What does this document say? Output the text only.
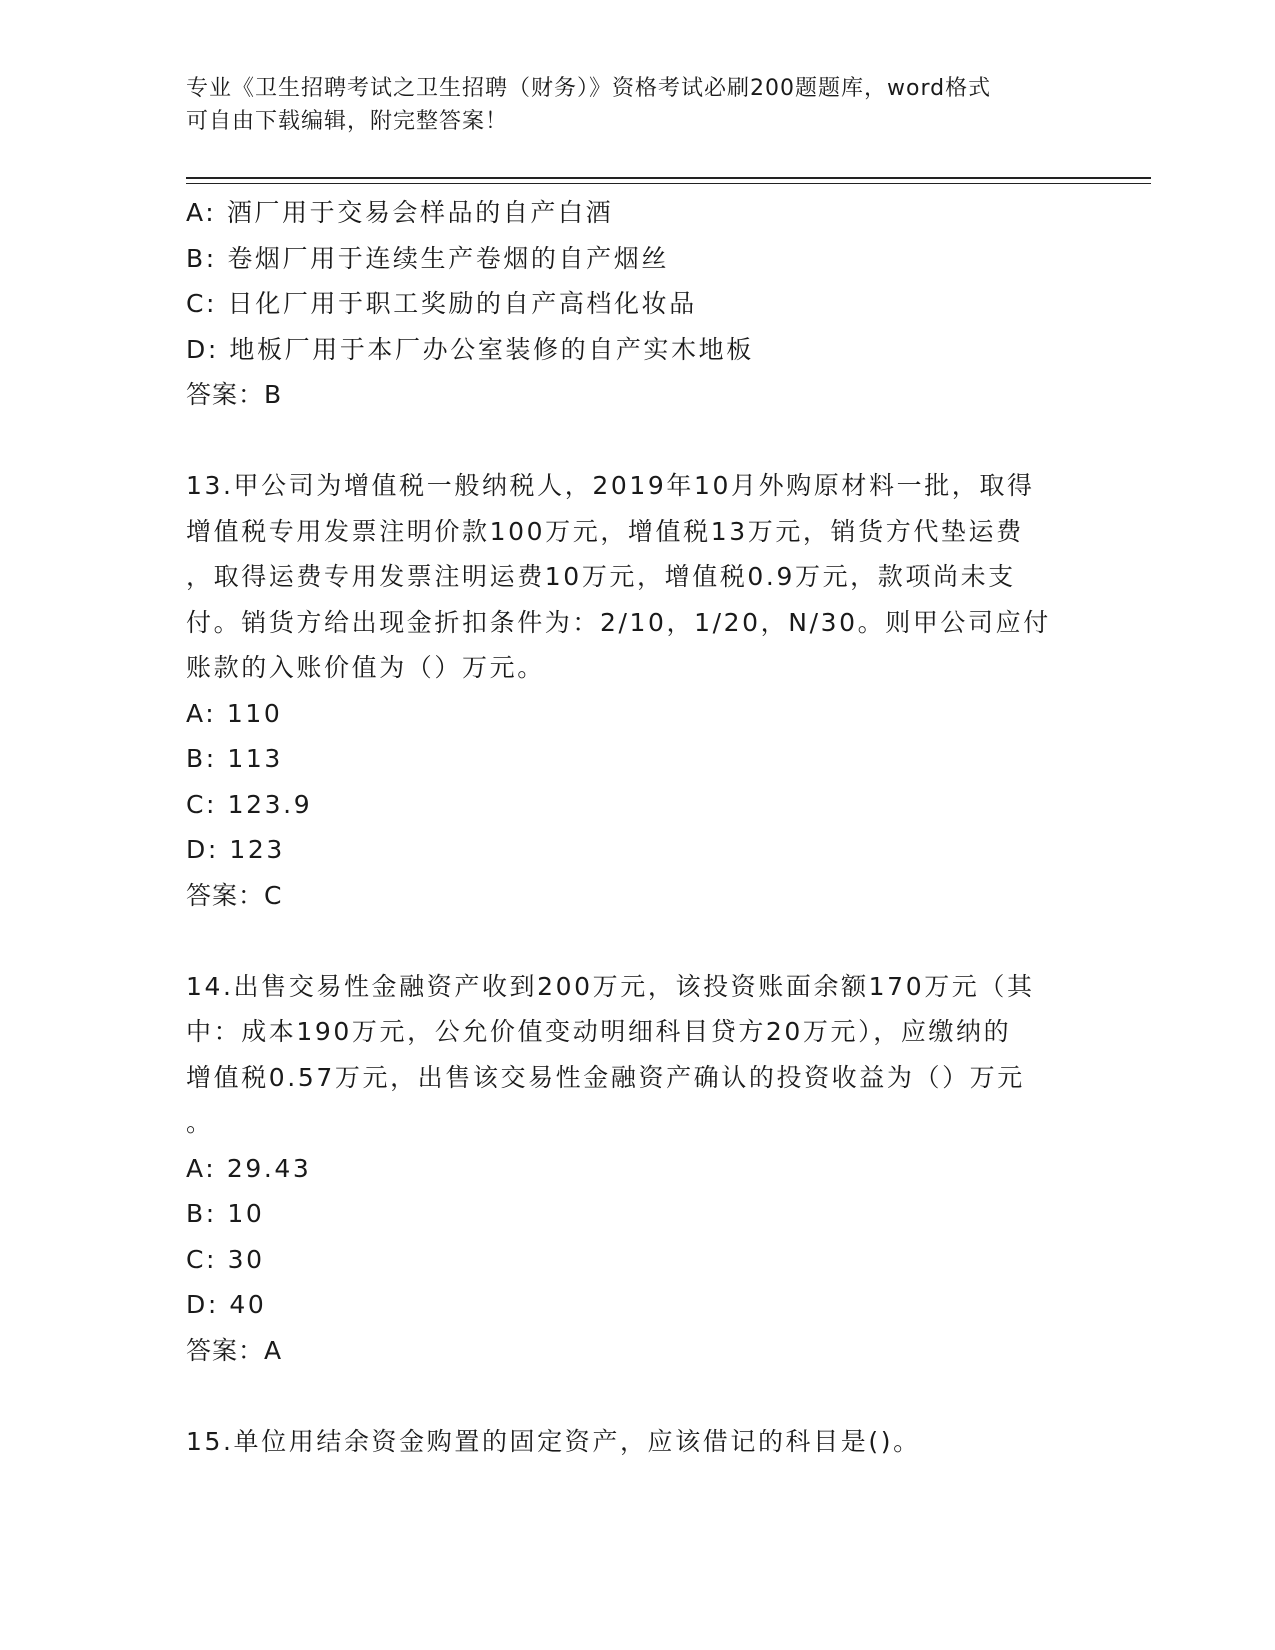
专业《卫生招聘考试之卫生招聘（财务）》资格考试必刷200题题库，word格式
可自由下载编辑，附完整答案！
A: 酒厂用于交易会样品的自产白酒
B: 卷烟厂用于连续生产卷烟的自产烟丝
C: 日化厂用于职工奖励的自产高档化妆品
D: 地板厂用于本厂办公室装修的自产实木地板
答案：B
13.甲公司为增值税一般纳税人，2019年10月外购原材料一批，取得
增值税专用发票注明价款100万元，增值税13万元，销货方代垫运费
，取得运费专用发票注明运费10万元，增值税0.9万元，款项尚未支
付。销货方给出现金折扣条件为：2/10，1/20，N/30。则甲公司应付
账款的入账价值为（）万元。
A: 110
B: 113
C: 123.9
D: 123
答案：C
14.出售交易性金融资产收到200万元，该投资账面余额170万元（其
中：成本190万元，公允价值变动明细科目贷方20万元），应缴纳的
增值税0.57万元，出售该交易性金融资产确认的投资收益为（）万元
。
A: 29.43
B: 10
C: 30
D: 40
答案：A
15.单位用结余资金购置的固定资产，应该借记的科目是()。
